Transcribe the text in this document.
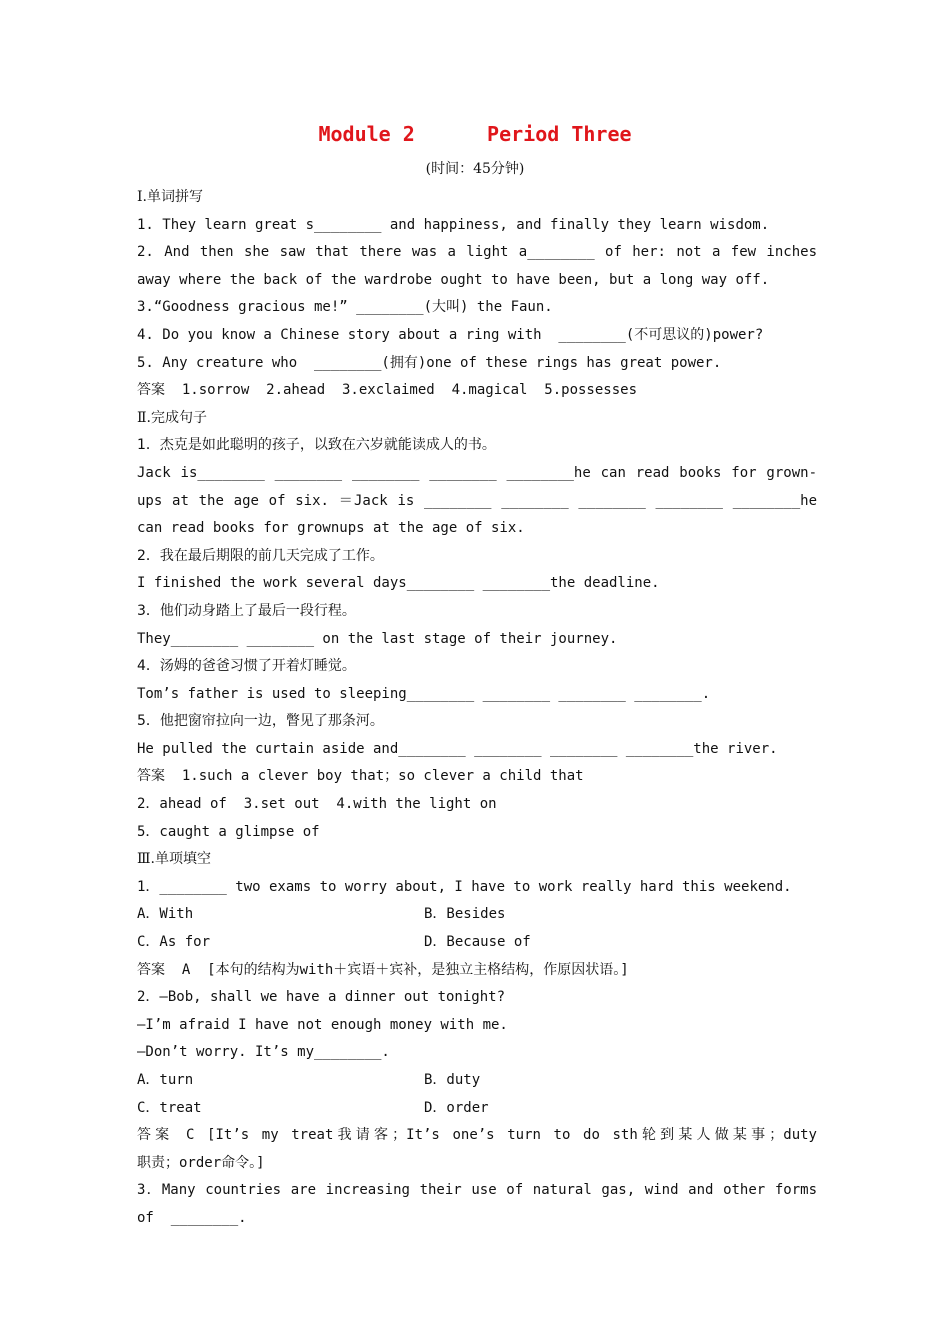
Module 2      Period Three
(时间：45分钟)
I.单词拼写
1. They learn great s________ and happiness, and finally they learn wisdom.
2. And then she saw that there was a light a________ of her: not a few inches
away where the back of the wardrobe ought to have been, but a long way off.
3.“Goodness gracious me!” ________(大叫) the Faun.
4. Do you know a Chinese story about a ring with  ________(不可思议的)power?
5. Any creature who  ________(拥有)one of these rings has great power.
答案  1.sorrow  2.ahead  3.exclaimed  4.magical  5.possesses
Ⅱ.完成句子
1．杰克是如此聪明的孩子，以致在六岁就能读成人的书。
Jack is________ ________ ________ ________ ________he can read books for grown-
ups at the age of six. ＝Jack is ________ ________ ________ ________ ________he
can read books for grownups at the age of six.
2．我在最后期限的前几天完成了工作。
I finished the work several days________ ________the deadline.
3．他们动身踏上了最后一段行程。
They________ ________ on the last stage of their journey.
4．汤姆的爸爸习惯了开着灯睡觉。
Tom’s father is used to sleeping________ ________ ________ ________.
5．他把窗帘拉向一边，瞥见了那条河。
He pulled the curtain aside and________ ________ ________ ________the river.
答案  1.such a clever boy that；so clever a child that
2．ahead of  3.set out  4.with the light on
5．caught a glimpse of
Ⅲ.单项填空
1．________ two exams to worry about, I have to work really hard this weekend.
A．With	B．Besides
C．As for	D．Because of
答案  A  [本句的结构为with＋宾语＋宾补，是独立主格结构，作原因状语。]
2．—Bob, shall we have a dinner out tonight?
—I’m afraid I have not enough money with me.
—Don’t worry. It’s my________.
A．turn	B．duty
C．treat	D．order
答案 C [It’s my treat我请客；It’s one’s turn to do sth轮到某人做某事；duty
职责；order命令。]
3．Many countries are increasing their use of natural gas, wind and other forms
of  ________.
